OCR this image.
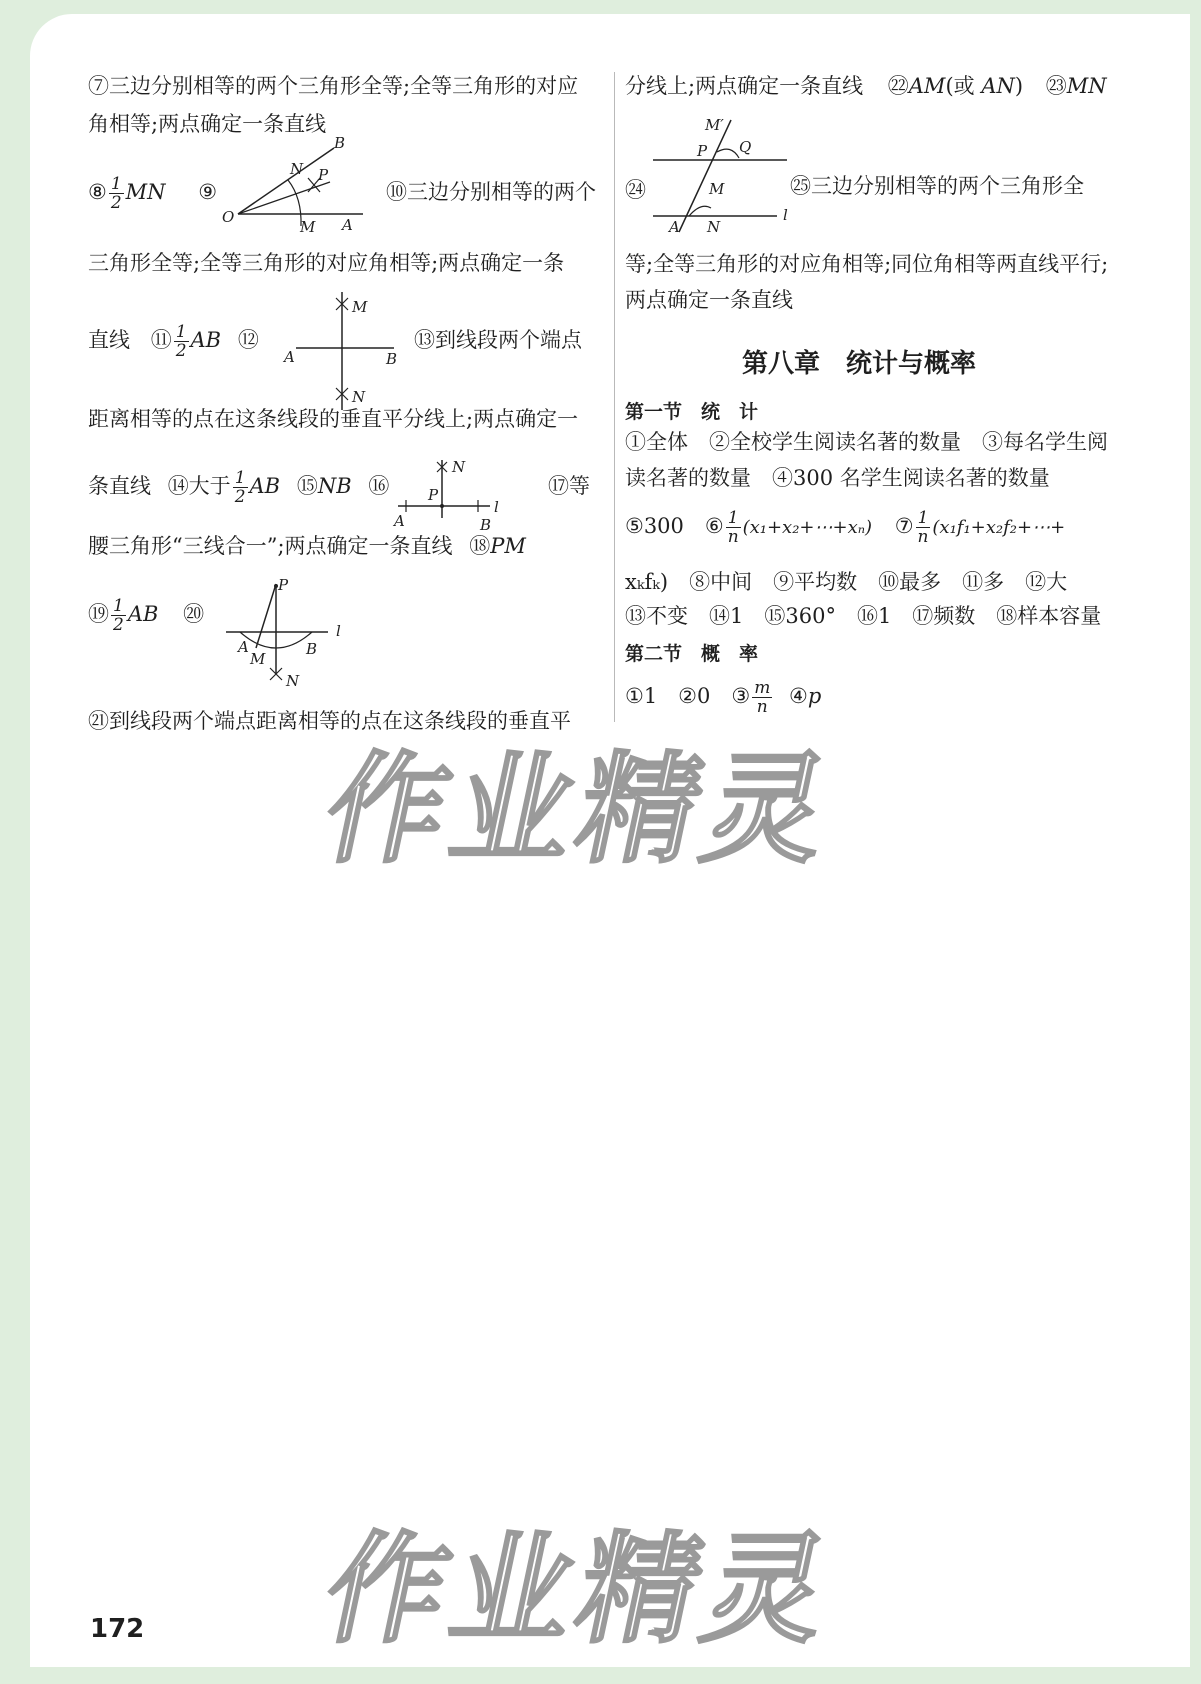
⑦三边分别相等的两个三角形全等;全等三角形的对应
角相等;两点确定一条直线
⑧ $\frac{1}{2}$ MN ⑨
O
N P
B
M A
⑩三边分别相等的两个
三角形全等;全等三角形的对应角相等;两点确定一条
直线 ⑪ $\frac{1}{2}$ AB ⑫
M
A	B
N
⑬到线段两个端点
距离相等的点在这条线段的垂直平分线上;两点确定一
条直线 ⑭大于 $\frac{1}{2}$ AB ⑮NB ⑯
N
P
l
A	B
⑰等
腰三角形“三线合一”;两点确定一条直线 ⑱PM
⑲ $\frac{1}{2}$ AB ⑳
P
A
M
B
l
N
㉑到线段两个端点距离相等的点在这条线段的垂直平
分线上;两点确定一条直线 ㉒AM(或 AN) ㉓MN
㉔
M′
P Q
M
A N
l
㉕三边分别相等的两个三角形全
等;全等三角形的对应角相等;同位角相等两直线平行;
两点确定一条直线
第八章　统计与概率
第一节　统　计
①全体　②全校学生阅读名著的数量　③每名学生阅
读名著的数量　④300 名学生阅读名著的数量
⑤300　⑥ $\frac{1}{n}$ (x₁+x₂+⋯+xₙ) ⑦ $\frac{1}{n}$ (x₁f₁+x₂f₂+⋯+
xₖfₖ)　⑧中间　⑨平均数　⑩最多　⑪多　⑫大
⑬不变　⑭1　⑮360°　⑯1　⑰频数　⑱样本容量
第二节　概　率
①1　②0　③ $\frac{m}{n}$ ④p
作业精灵
作业精灵
172
